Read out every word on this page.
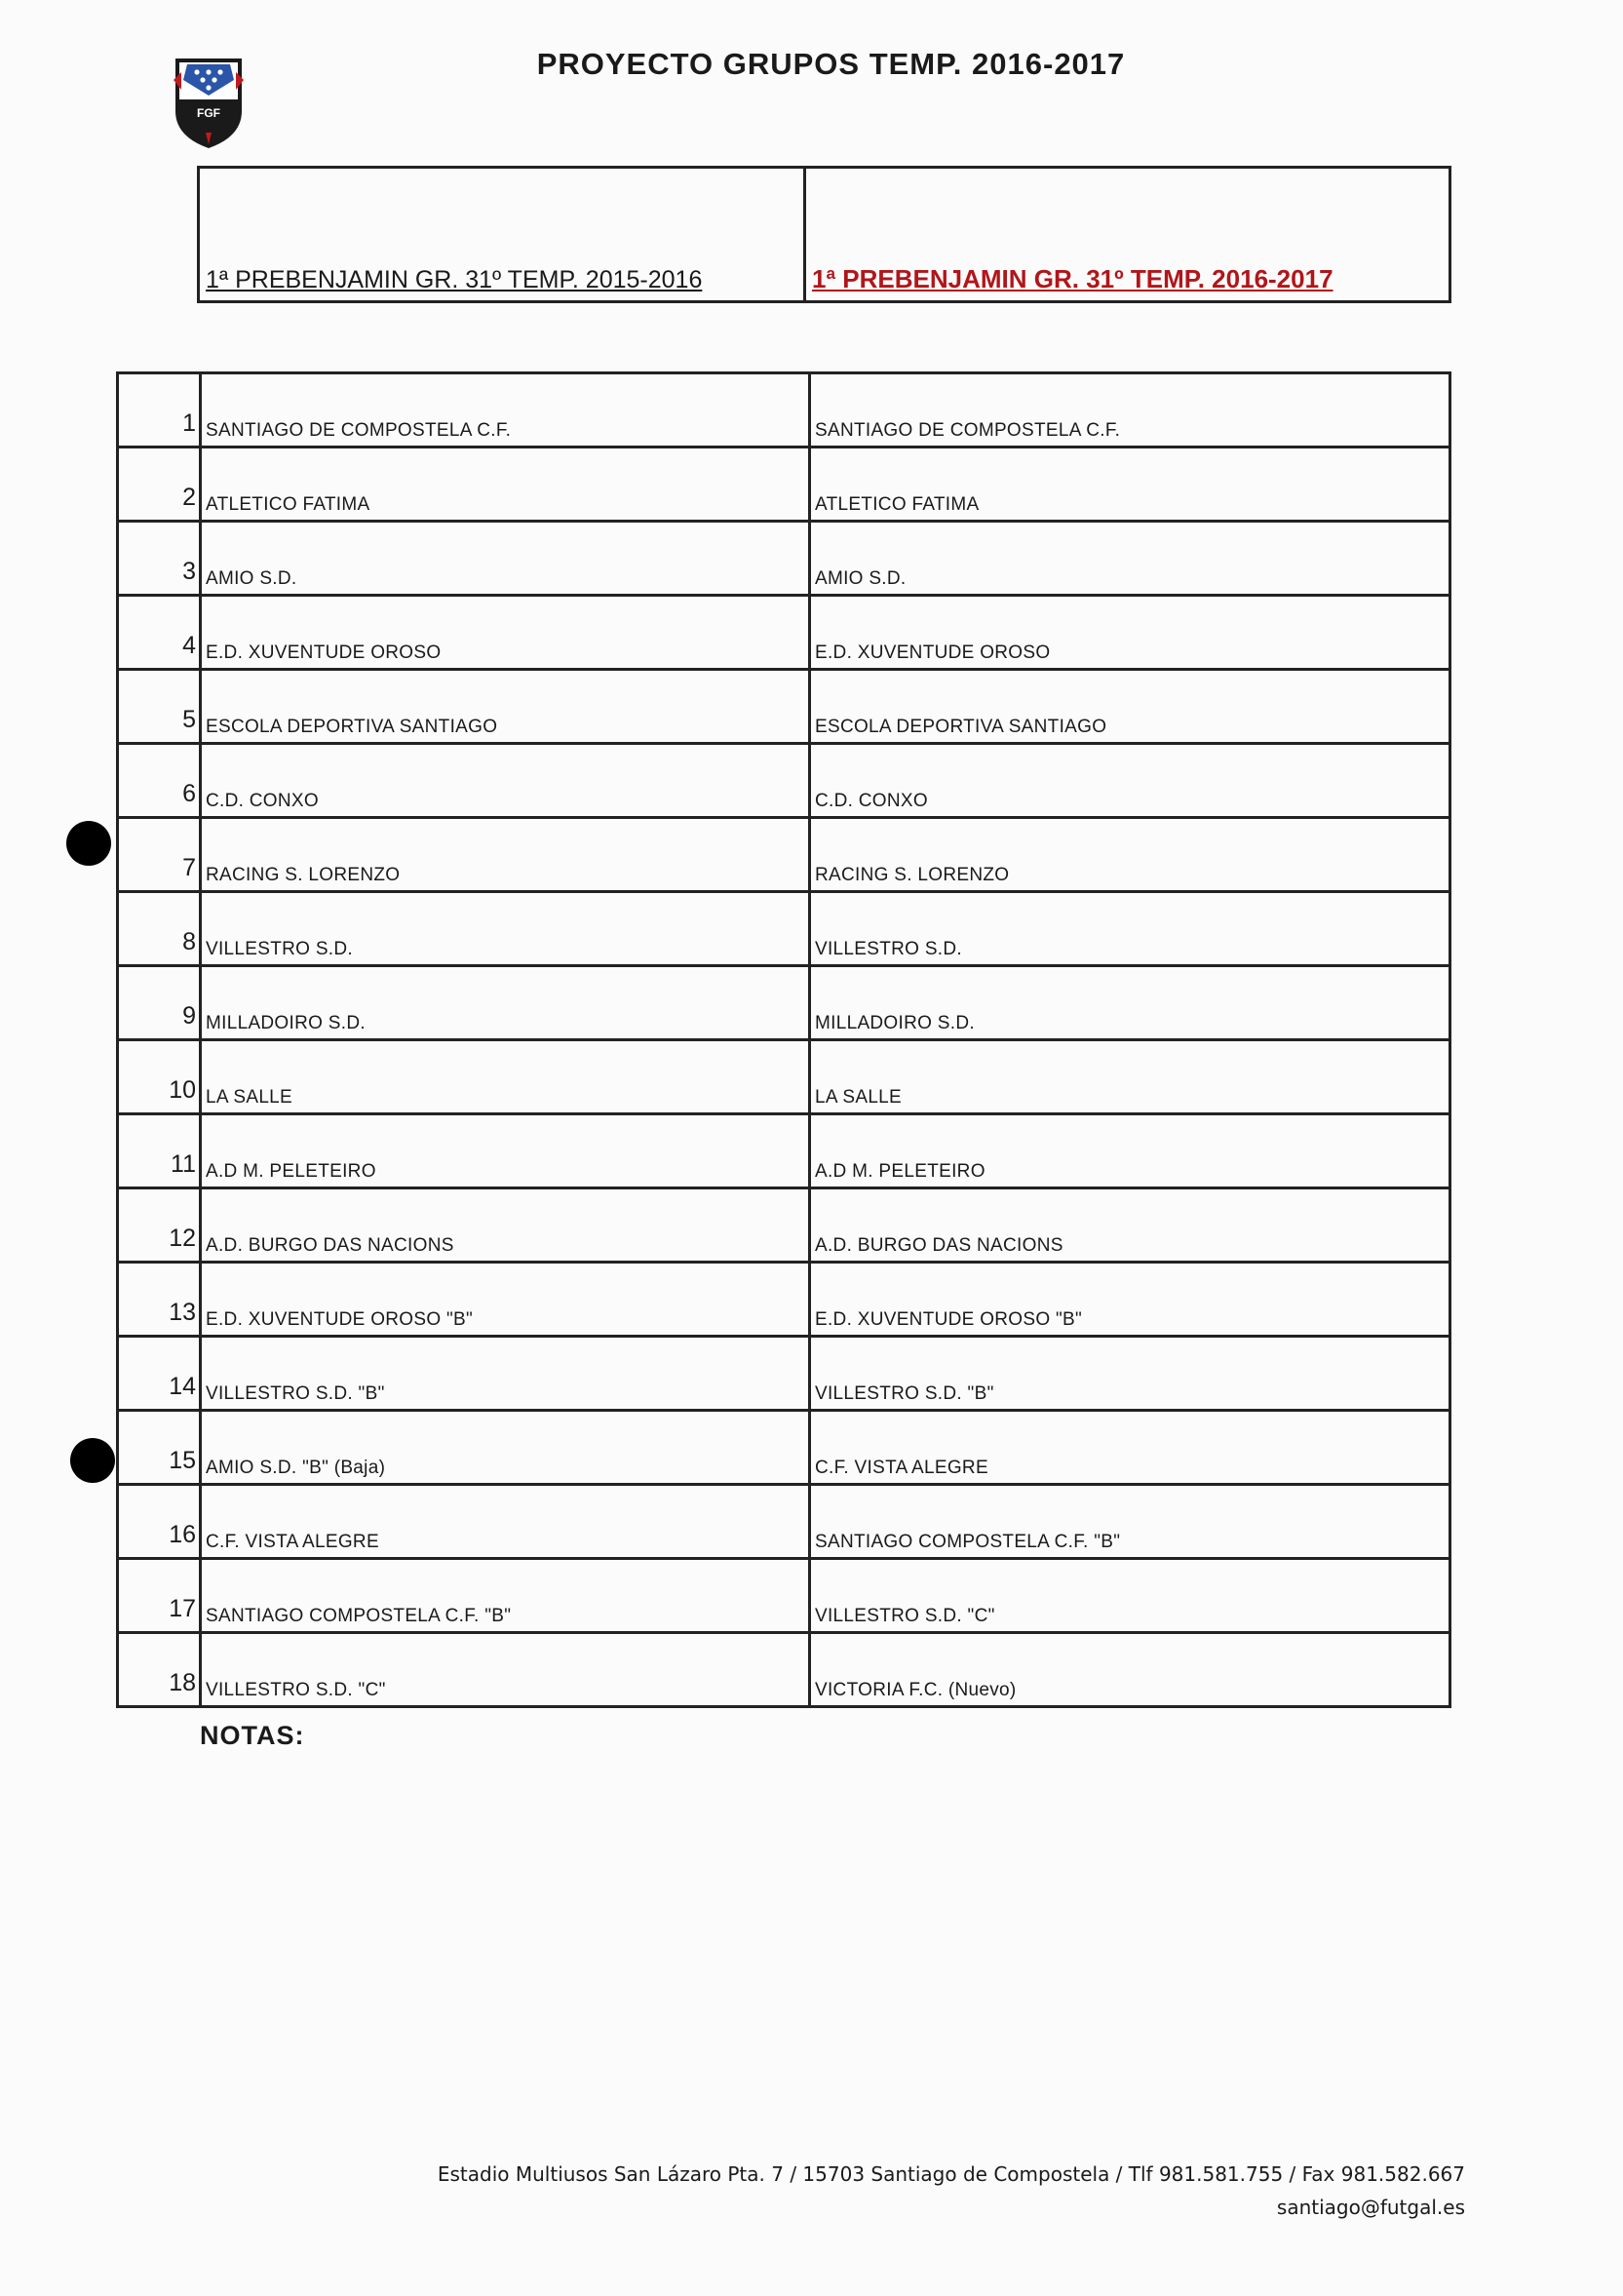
FGF
PROYECTO GRUPOS TEMP. 2016-2017
1ª PREBENJAMIN GR. 31º TEMP. 2015-2016	1ª PREBENJAMIN GR. 31º TEMP. 2016-2017
1	SANTIAGO DE COMPOSTELA C.F.	SANTIAGO DE COMPOSTELA C.F.
2	ATLETICO FATIMA	ATLETICO FATIMA
3	AMIO S.D.	AMIO S.D.
4	E.D. XUVENTUDE OROSO	E.D. XUVENTUDE OROSO
5	ESCOLA DEPORTIVA SANTIAGO	ESCOLA DEPORTIVA SANTIAGO
6	C.D. CONXO	C.D. CONXO
7	RACING S. LORENZO	RACING S. LORENZO
8	VILLESTRO S.D.	VILLESTRO S.D.
9	MILLADOIRO S.D.	MILLADOIRO S.D.
10	LA SALLE	LA SALLE
11	A.D M. PELETEIRO	A.D M. PELETEIRO
12	A.D. BURGO DAS NACIONS	A.D. BURGO DAS NACIONS
13	E.D. XUVENTUDE OROSO "B"	E.D. XUVENTUDE OROSO "B"
14	VILLESTRO S.D. "B"	VILLESTRO S.D. "B"
15	AMIO S.D. "B" (Baja)	C.F. VISTA ALEGRE
16	C.F. VISTA ALEGRE	SANTIAGO COMPOSTELA C.F. "B"
17	SANTIAGO COMPOSTELA C.F. "B"	VILLESTRO S.D. "C"
18	VILLESTRO S.D. "C"	VICTORIA F.C. (Nuevo)
NOTAS:
Estadio Multiusos San Lázaro Pta. 7 / 15703 Santiago de Compostela / Tlf 981.581.755 / Fax 981.582.667
santiago@futgal.es
